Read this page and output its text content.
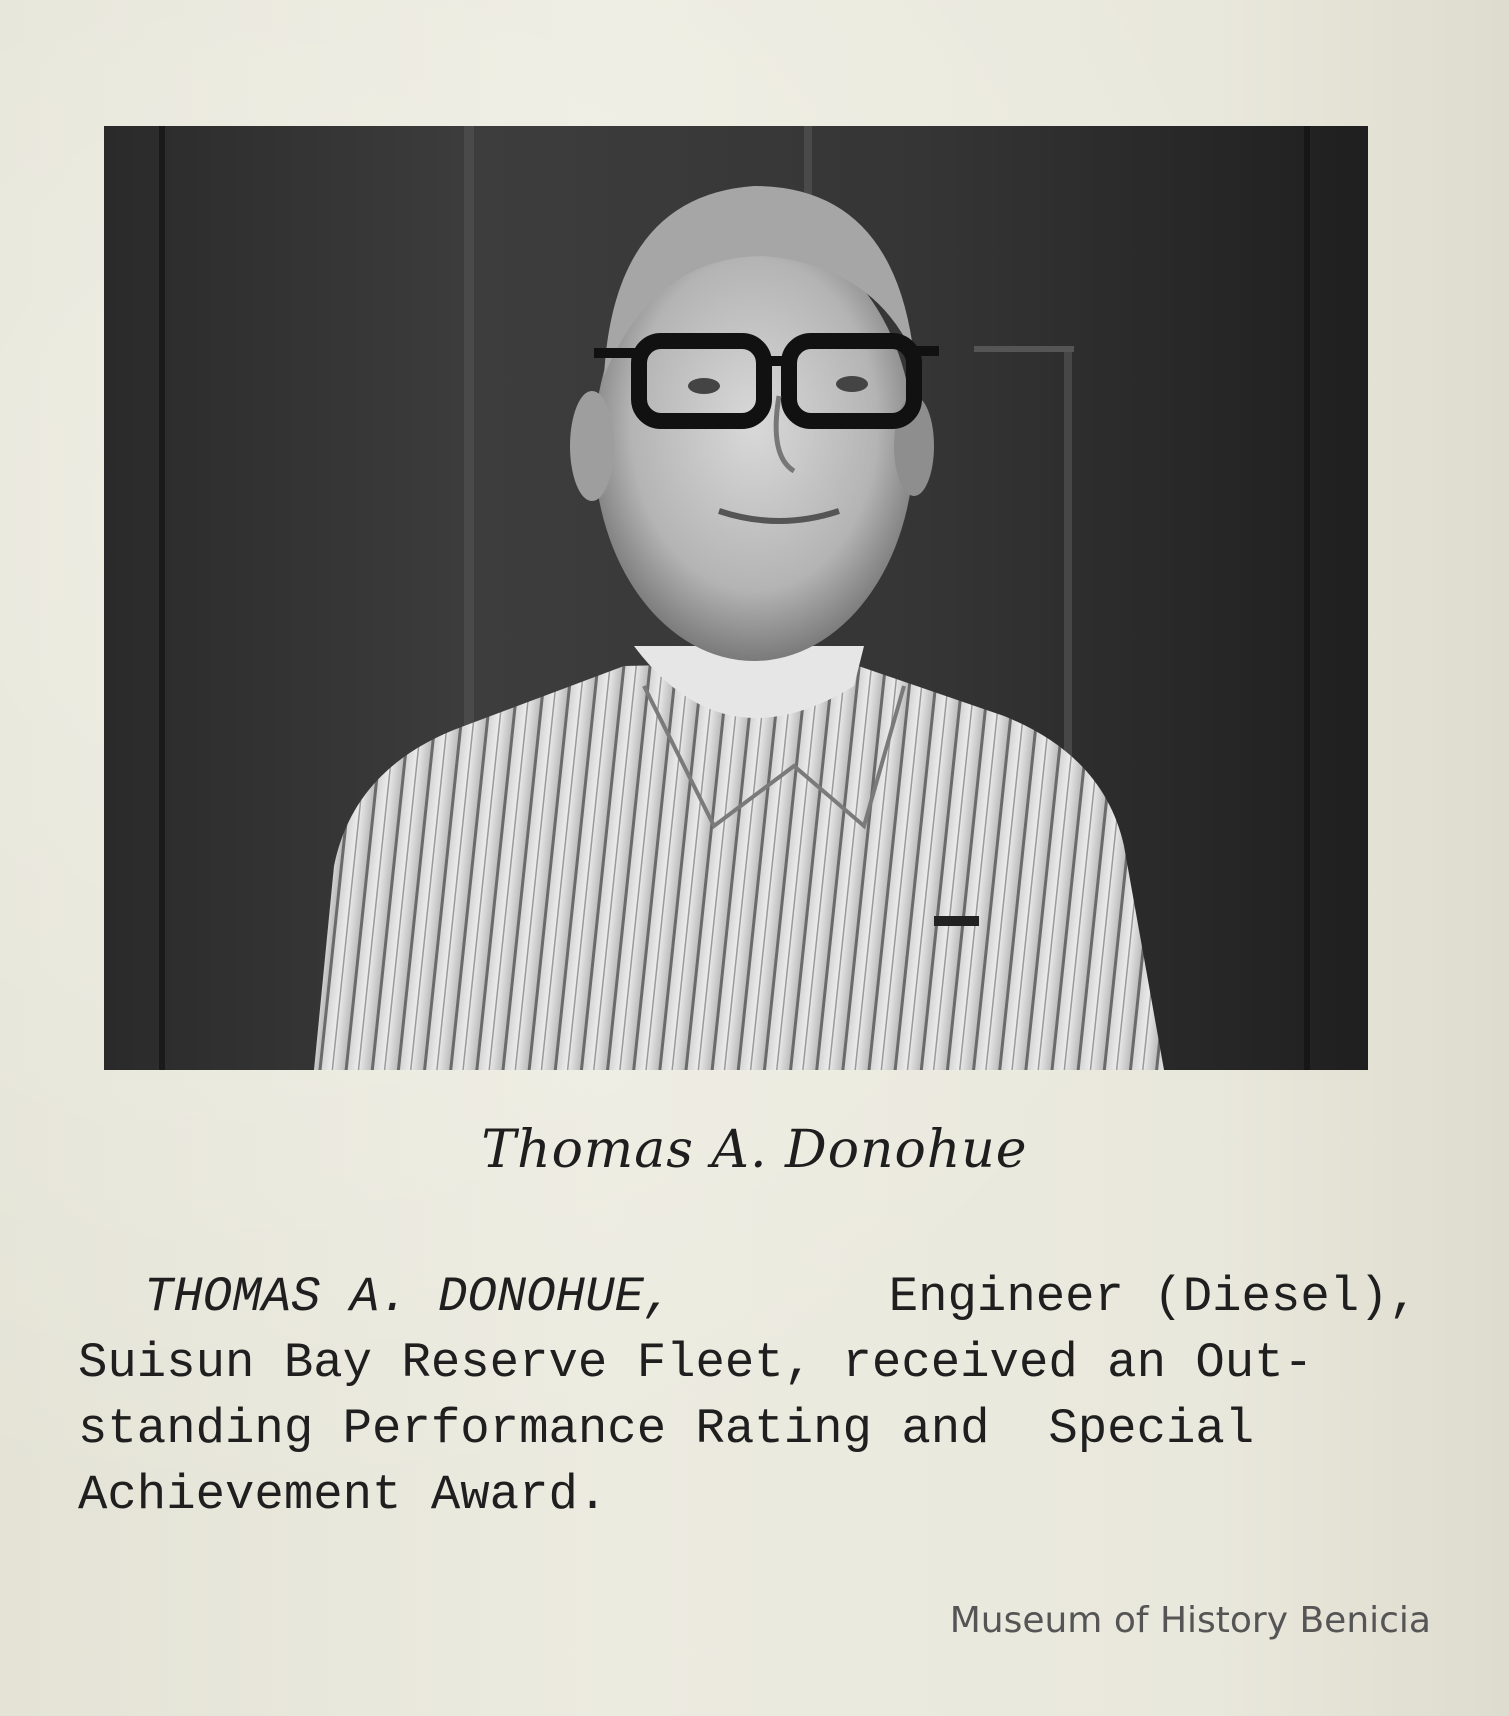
Thomas A. Donohue
THOMAS A. DONOHUE,	Engineer (Diesel),
Suisun Bay Reserve Fleet, received an Out-
standing Performance Rating and  Special
Achievement Award.
Museum of History Benicia
